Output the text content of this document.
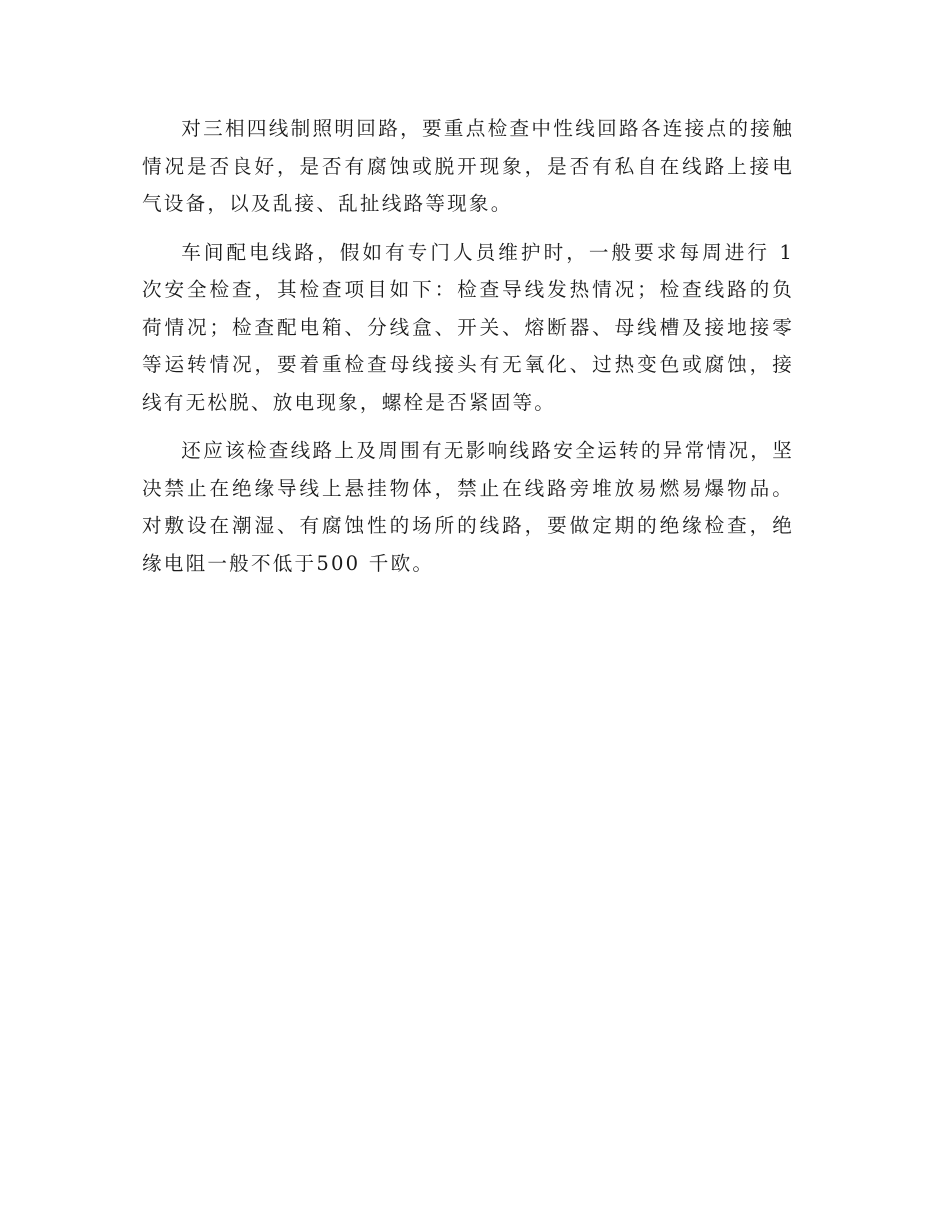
对三相四线制照明回路，要重点检查中性线回路各连接点的接触情况是否良好，是否有腐蚀或脱开现象，是否有私自在线路上接电气设备，以及乱接、乱扯线路等现象。

车间配电线路，假如有专门人员维护时，一般要求每周进行 1 次安全检查，其检查项目如下：检查导线发热情况；检查线路的负荷情况；检查配电箱、分线盒、开关、熔断器、母线槽及接地接零等运转情况，要着重检查母线接头有无氧化、过热变色或腐蚀，接线有无松脱、放电现象，螺栓是否紧固等。

还应该检查线路上及周围有无影响线路安全运转的异常情况，坚决禁止在绝缘导线上悬挂物体，禁止在线路旁堆放易燃易爆物品。对敷设在潮湿、有腐蚀性的场所的线路，要做定期的绝缘检查，绝缘电阻一般不低于500 千欧。
